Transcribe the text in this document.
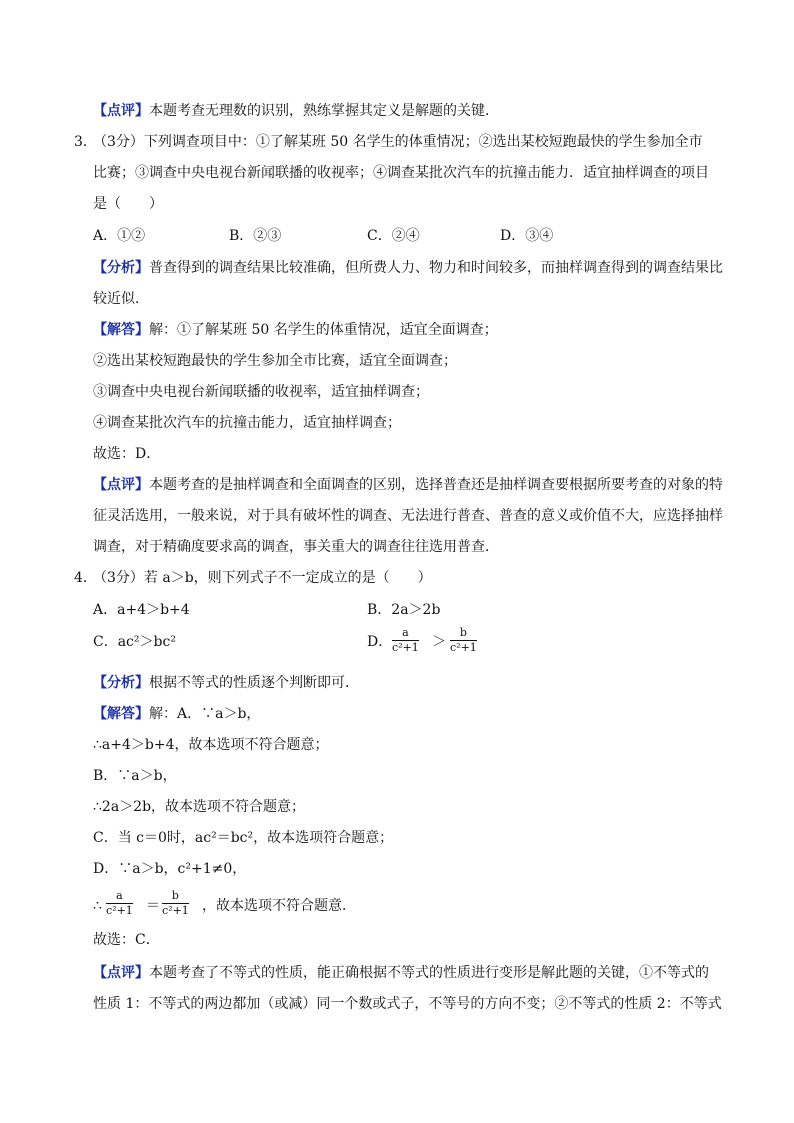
【点评】本题考查无理数的识别，熟练掌握其定义是解题的关键．
3．
（3分）下列调查项目中：①了解某班 50 名学生的体重情况；②选出某校短跑最快的学生参加全市
比赛；③调查中央电视台新闻联播的收视率；④调查某批次汽车的抗撞击能力．适宜抽样调查的项目
是（　　）
A．①②	B．②③	C．②④	D．③④
【分析】普查得到的调查结果比较准确，但所费人力、物力和时间较多，而抽样调查得到的调查结果比
较近似．
【解答】解：①了解某班 50 名学生的体重情况，适宜全面调查；
②选出某校短跑最快的学生参加全市比赛，适宜全面调查；
③调查中央电视台新闻联播的收视率，适宜抽样调查；
④调查某批次汽车的抗撞击能力，适宜抽样调查；
故选：D．
【点评】本题考查的是抽样调查和全面调查的区别，选择普查还是抽样调查要根据所要考查的对象的特
征灵活选用，一般来说，对于具有破坏性的调查、无法进行普查、普查的意义或价值不大，应选择抽样
调查，对于精确度要求高的调查，事关重大的调查往往选用普查．
4．
（3分）若 a＞b，则下列式子不一定成立的是（　　）
A．a+4＞b+4	B．2a＞2b
C．ac²＞bc²	D． $\frac{a}{\text{c²+1}} > \frac{b}{\text{c²+1}}$
【分析】根据不等式的性质逐个判断即可．
【解答】解：A．∵a＞b，
∴a+4＞b+4，故本选项不符合题意；
B．∵a＞b，
∴2a＞2b，故本选项不符合题意；
C．当 c＝0时，ac²＝bc²，故本选项符合题意；
D．∵a＞b，c²+1≠0，
∴ $\frac{a}{\text{c²+1}} = \frac{b}{\text{c²+1}}$ ，故本选项不符合题意．
故选：C．
【点评】本题考查了不等式的性质，能正确根据不等式的性质进行变形是解此题的关键，①不等式的
性质 1：不等式的两边都加（或减）同一个数或式子，不等号的方向不变；②不等式的性质 2：不等式
